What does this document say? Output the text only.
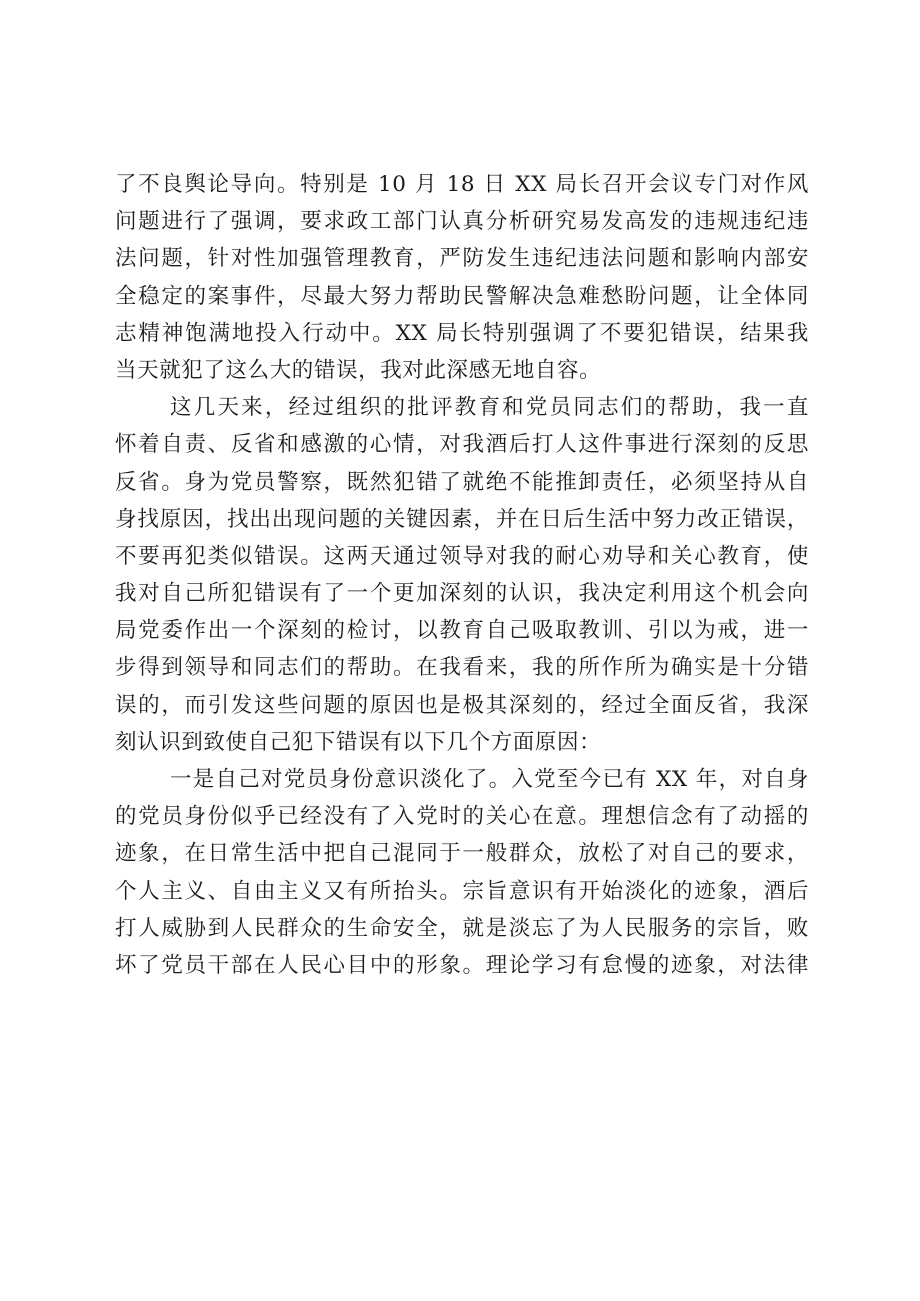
了不良舆论导向。特别是 10 月 18 日 XX 局长召开会议专门对作风
问题进行了强调，要求政工部门认真分析研究易发高发的违规违纪违
法问题，针对性加强管理教育，严防发生违纪违法问题和影响内部安
全稳定的案事件，尽最大努力帮助民警解决急难愁盼问题，让全体同
志精神饱满地投入行动中。XX 局长特别强调了不要犯错误，结果我
当天就犯了这么大的错误，我对此深感无地自容。

这几天来，经过组织的批评教育和党员同志们的帮助，我一直
怀着自责、反省和感激的心情，对我酒后打人这件事进行深刻的反思
反省。身为党员警察，既然犯错了就绝不能推卸责任，必须坚持从自
身找原因，找出出现问题的关键因素，并在日后生活中努力改正错误，
不要再犯类似错误。这两天通过领导对我的耐心劝导和关心教育，使
我对自己所犯错误有了一个更加深刻的认识，我决定利用这个机会向
局党委作出一个深刻的检讨，以教育自己吸取教训、引以为戒，进一
步得到领导和同志们的帮助。在我看来，我的所作所为确实是十分错
误的，而引发这些问题的原因也是极其深刻的，经过全面反省，我深
刻认识到致使自己犯下错误有以下几个方面原因：

一是自己对党员身份意识淡化了。入党至今已有 XX 年，对自身
的党员身份似乎已经没有了入党时的关心在意。理想信念有了动摇的
迹象，在日常生活中把自己混同于一般群众，放松了对自己的要求，
个人主义、自由主义又有所抬头。宗旨意识有开始淡化的迹象，酒后
打人威胁到人民群众的生命安全，就是淡忘了为人民服务的宗旨，败
坏了党员干部在人民心目中的形象。理论学习有怠慢的迹象，对法律
